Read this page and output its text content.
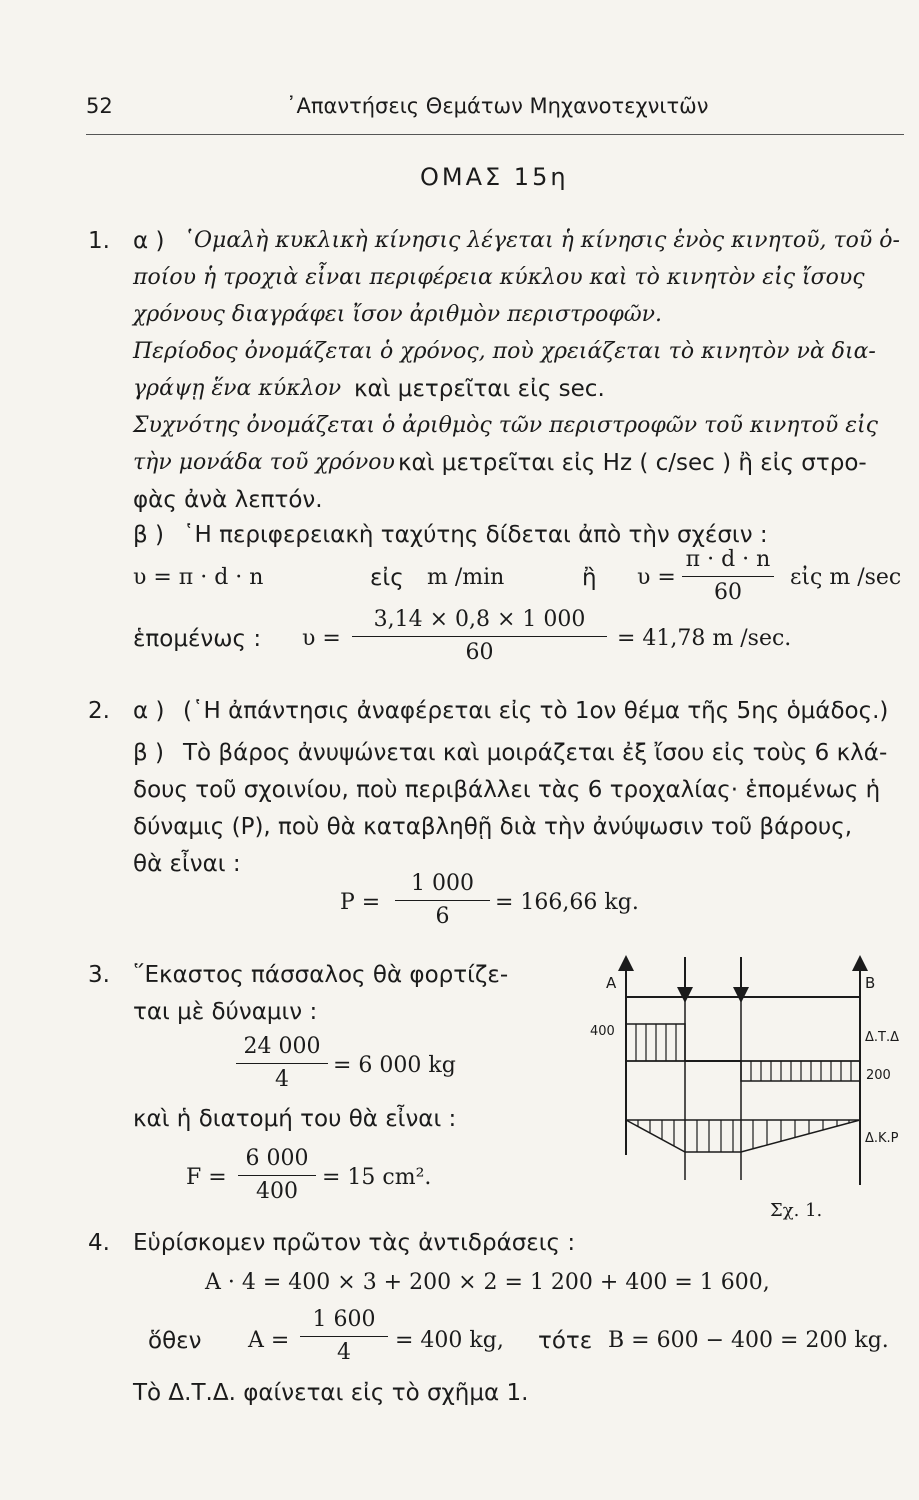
52	᾿Απαντήσεις Θεμάτων Μηχανοτεχνιτῶν
ΟΜΑΣ 15η
1. α ) ῾Ομαλὴ κυκλικὴ κίνησις λέγεται ἡ κίνησις ἑνὸς κινητοῦ, τοῦ ὁ-
ποίου ἡ τροχιὰ εἶναι περιφέρεια κύκλου καὶ τὸ κινητὸν εἰς ἴσους
χρόνους διαγράφει ἴσον ἀριθμὸν περιστροφῶν.
Περίοδος ὀνομάζεται ὁ χρόνος, ποὺ χρειάζεται τὸ κινητὸν νὰ δια-
γράψῃ ἕνα κύκλον καὶ μετρεῖται εἰς sec.
Συχνότης ὀνομάζεται ὁ ἀριθμὸς τῶν περιστροφῶν τοῦ κινητοῦ εἰς
τὴν μονάδα τοῦ χρόνου καὶ μετρεῖται εἰς Hz ( c/sec ) ἢ εἰς στρο-
φὰς ἀνὰ λεπτόν.
β ) ῾Η περιφερειακὴ ταχύτης δίδεται ἀπὸ τὴν σχέσιν :
υ = π · d · n	εἰς m /min	ἢ υ =
π · d · n
60
εἰς m /sec
ἑπομένως : υ =
3,14 × 0,8 × 1 000
60
= 41,78 m /sec.
2. α ) (῾Η ἀπάντησις ἀναφέρεται εἰς τὸ 1ον θέμα τῆς 5ης ὁμάδος.)
β ) Τὸ βάρος ἀνυψώνεται καὶ μοιράζεται ἐξ ἴσου εἰς τοὺς 6 κλά-
δους τοῦ σχοινίου, ποὺ περιβάλλει τὰς 6 τροχαλίας· ἑπομένως ἡ
δύναμις (P), ποὺ θὰ καταβληθῇ διὰ τὴν ἀνύψωσιν τοῦ βάρους,
θὰ εἶναι :
P =
1 000
6
= 166,66 kg.
3. ῞Εκαστος πάσσαλος θὰ φορτίζε-
ται μὲ δύναμιν :
24 000
4
= 6 000 kg
καὶ ἡ διατομή του θὰ εἶναι :
F =
6 000
400
= 15 cm².
A	B
400
200
Δ.Τ.Δ
Δ.Κ.Ρ
Σχ. 1.
4. Εὑρίσκομεν πρῶτον τὰς ἀντιδράσεις :
A · 4 = 400 × 3 + 200 × 2 = 1 200 + 400 = 1 600,
ὅθεν A =
1 600
4	= 400 kg, τότε B = 600 − 400 = 200 kg.
Τὸ Δ.Τ.Δ. φαίνεται εἰς τὸ σχῆμα 1.
